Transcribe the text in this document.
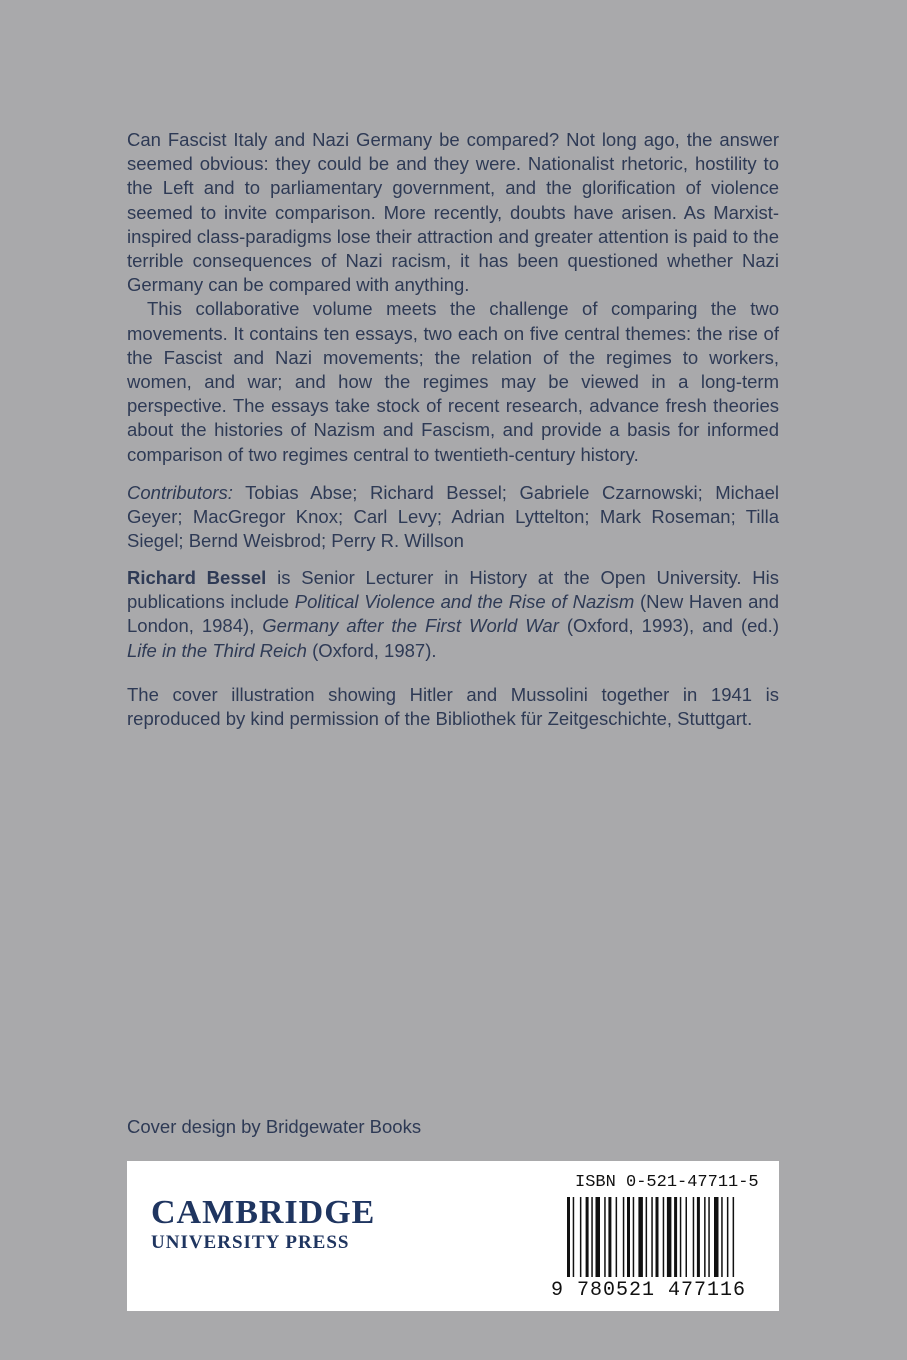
Can Fascist Italy and Nazi Germany be compared? Not long ago, the answer seemed obvious: they could be and they were. Nationalist rhetoric, hostility to the Left and to parliamentary government, and the glorification of violence seemed to invite comparison. More recently, doubts have arisen. As Marxist-inspired class-paradigms lose their attraction and greater attention is paid to the terrible consequences of Nazi racism, it has been questioned whether Nazi Germany can be compared with anything.

This collaborative volume meets the challenge of comparing the two movements. It contains ten essays, two each on five central themes: the rise of the Fascist and Nazi movements; the relation of the regimes to workers, women, and war; and how the regimes may be viewed in a long-term perspective. The essays take stock of recent research, advance fresh theories about the histories of Nazism and Fascism, and provide a basis for informed comparison of two regimes central to twentieth-century history.

Contributors: Tobias Abse; Richard Bessel; Gabriele Czarnowski; Michael Geyer; MacGregor Knox; Carl Levy; Adrian Lyttelton; Mark Roseman; Tilla Siegel; Bernd Weisbrod; Perry R. Willson

Richard Bessel is Senior Lecturer in History at the Open University. His publications include Political Violence and the Rise of Nazism (New Haven and London, 1984), Germany after the First World War (Oxford, 1993), and (ed.) Life in the Third Reich (Oxford, 1987).

The cover illustration showing Hitler and Mussolini together in 1941 is reproduced by kind permission of the Bibliothek für Zeitgeschichte, Stuttgart.

Cover design by Bridgewater Books
CAMBRIDGE
UNIVERSITY PRESS
ISBN 0-521-47711-5
9 780521 477116
